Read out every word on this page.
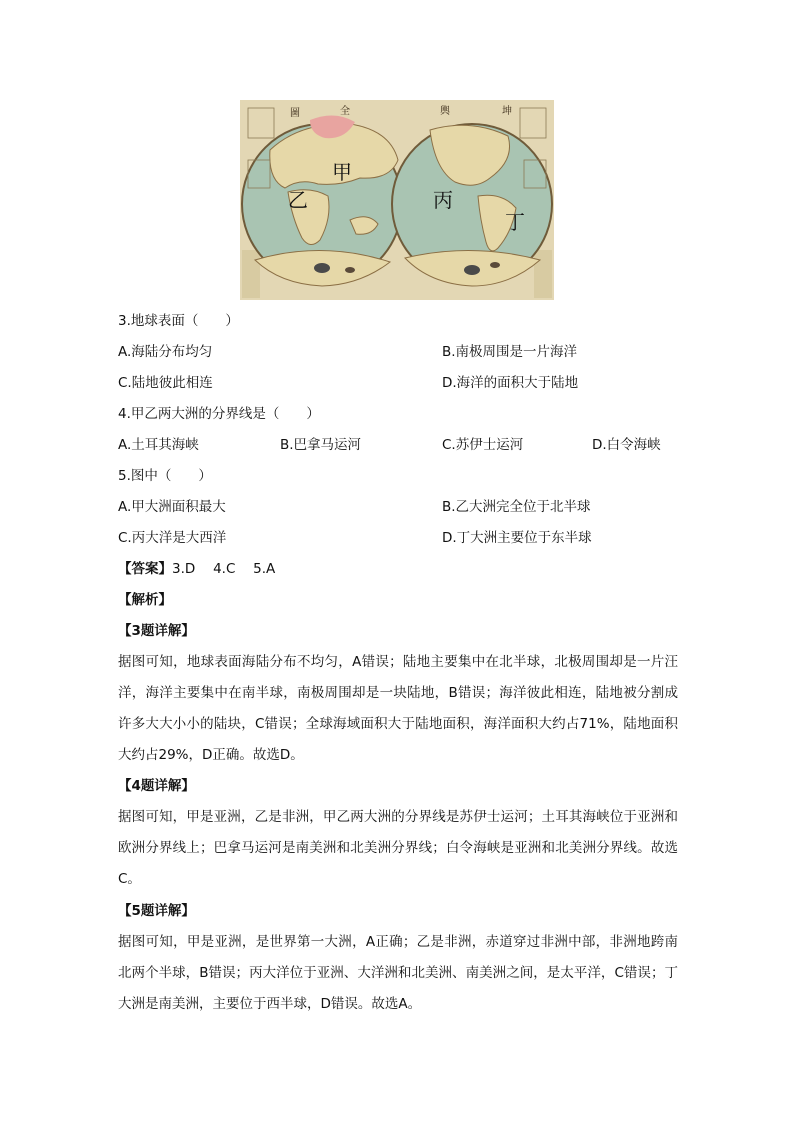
圖	全	輿	坤
甲
乙	丙
丁
3.地球表面（　　）
A.海陆分布均匀	B.南极周围是一片海洋
C.陆地彼此相连	D.海洋的面积大于陆地
4.甲乙两大洲的分界线是（　　）
A.土耳其海峡	B.巴拿马运河	C.苏伊士运河	D.白令海峡
5.图中（　　）
A.甲大洲面积最大	B.乙大洲完全位于北半球
C.丙大洋是大西洋	D.丁大洲主要位于东半球
【答案】3.D　 4.C　 5.A
【解析】
【3题详解】
据图可知，地球表面海陆分布不均匀，A错误；陆地主要集中在北半球，北极周围却是一片汪洋，海洋主要集中在南半球，南极周围却是一块陆地，B错误；海洋彼此相连，陆地被分割成许多大大小小的陆块，C错误；全球海域面积大于陆地面积，海洋面积大约占71%，陆地面积大约占29%，D正确。故选D。
【4题详解】
据图可知，甲是亚洲，乙是非洲，甲乙两大洲的分界线是苏伊士运河；土耳其海峡位于亚洲和欧洲分界线上；巴拿马运河是南美洲和北美洲分界线；白令海峡是亚洲和北美洲分界线。故选C。
【5题详解】
据图可知，甲是亚洲，是世界第一大洲，A正确；乙是非洲，赤道穿过非洲中部，非洲地跨南北两个半球，B错误；丙大洋位于亚洲、大洋洲和北美洲、南美洲之间，是太平洋，C错误；丁大洲是南美洲，主要位于西半球，D错误。故选A。
